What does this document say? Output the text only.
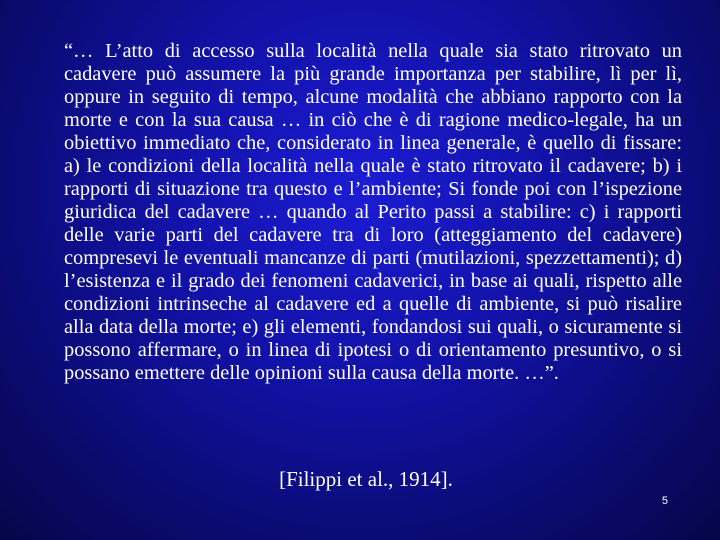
“… L’atto di accesso sulla località nella quale sia stato ritrovato un cadavere può assumere la più grande importanza per stabilire, lì per lì, oppure in seguito di tempo, alcune modalità che abbiano rapporto con la morte e con la sua causa … in ciò che è di ragione medico-legale, ha un obiettivo immediato che, considerato in linea generale, è quello di fissare: a) le condizioni della località nella quale è stato ritrovato il cadavere; b) i rapporti di situazione tra questo e l’ambiente; Si fonde poi con l’ispezione giuridica del cadavere … quando al Perito passi a stabilire: c) i rapporti delle varie parti del cadavere tra di loro (atteggiamento del cadavere) compresevi le eventuali mancanze di parti (mutilazioni, spezzettamenti); d) l’esistenza e il grado dei fenomeni cadaverici, in base ai quali, rispetto alle condizioni intrinseche al cadavere ed a quelle di ambiente, si può risalire alla data della morte; e) gli elementi, fondandosi sui quali, o sicuramente si possono affermare, o in linea di ipotesi o di orientamento presuntivo, o si possano emettere delle opinioni sulla causa della morte. …”.

[Filippi et al., 1914].
5
